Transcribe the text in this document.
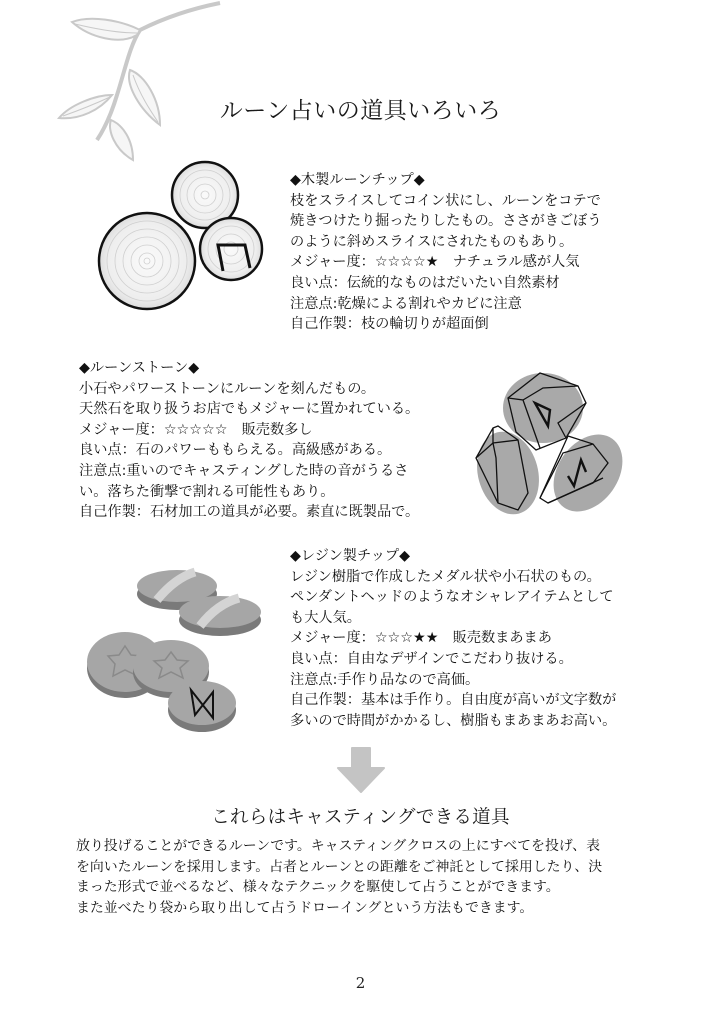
ルーン占いの道具いろいろ
◆木製ルーンチップ◆
枝をスライスしてコイン状にし、ルーンをコテで
焼きつけたり掘ったりしたもの。ささがきごぼう
のように斜めスライスにされたものもあり。
メジャー度：☆☆☆☆★　ナチュラル感が人気
良い点：伝統的なものはだいたい自然素材
注意点:乾燥による割れやカビに注意
自己作製：枝の輪切りが超面倒
◆ルーンストーン◆
小石やパワーストーンにルーンを刻んだもの。
天然石を取り扱うお店でもメジャーに置かれている。
メジャー度：☆☆☆☆☆　販売数多し
良い点：石のパワーももらえる。高級感がある。
注意点:重いのでキャスティングした時の音がうるさ
い。落ちた衝撃で割れる可能性もあり。
自己作製：石材加工の道具が必要。素直に既製品で。
◆レジン製チップ◆
レジン樹脂で作成したメダル状や小石状のもの。
ペンダントヘッドのようなオシャレアイテムとして
も大人気。
メジャー度：☆☆☆★★　販売数まあまあ
良い点：自由なデザインでこだわり抜ける。
注意点:手作り品なので高価。
自己作製：基本は手作り。自由度が高いが文字数が
多いので時間がかかるし、樹脂もまあまあお高い。
これらはキャスティングできる道具
放り投げることができるルーンです。キャスティングクロスの上にすべてを投げ、表
を向いたルーンを採用します。占者とルーンとの距離をご神託として採用したり、決
まった形式で並べるなど、様々なテクニックを駆使して占うことができます。
また並べたり袋から取り出して占うドローイングという方法もできます。
2
